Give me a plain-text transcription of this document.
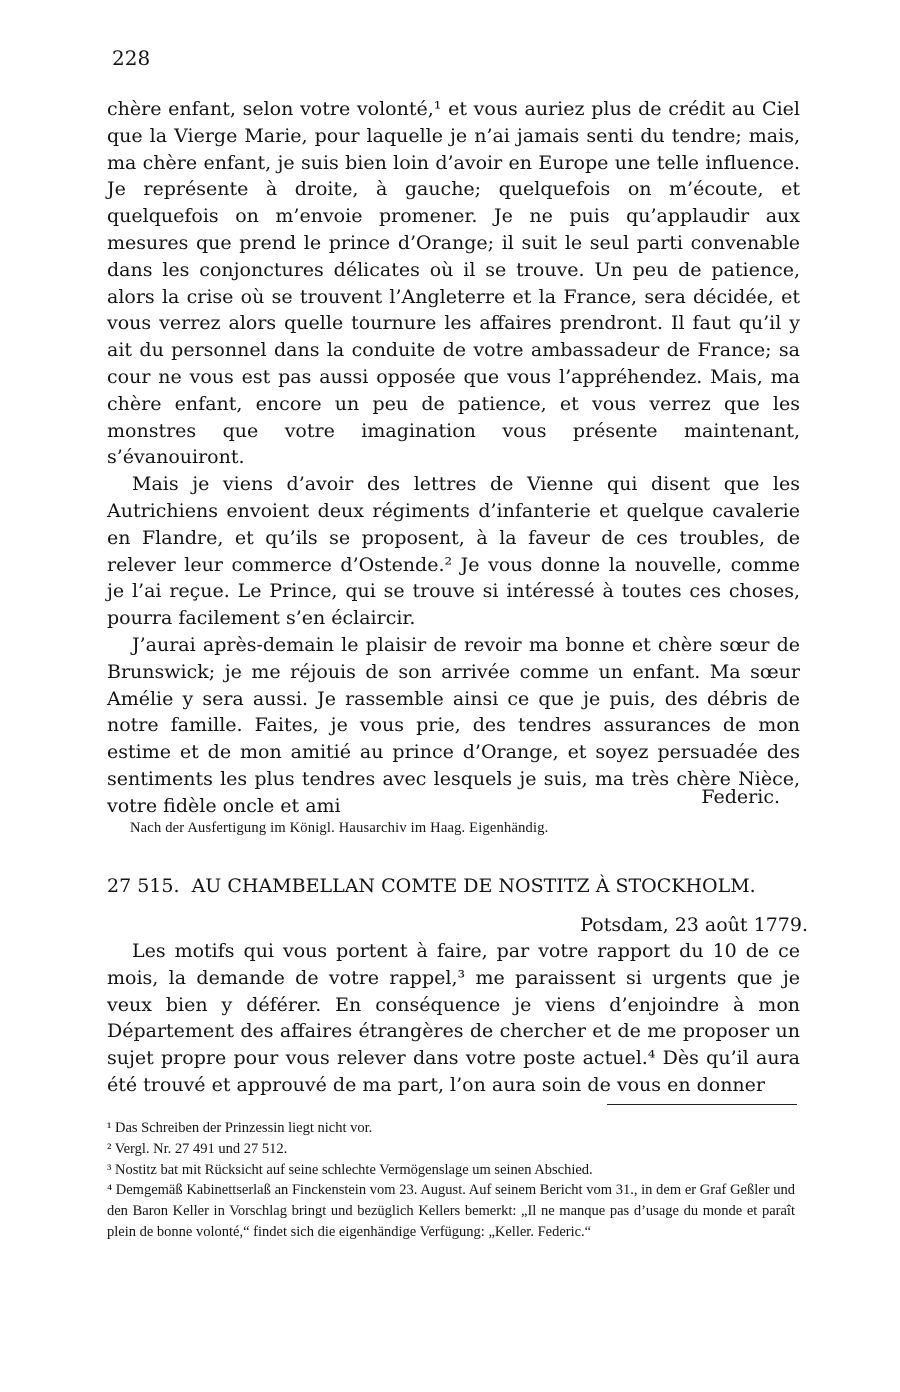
228

chère enfant, selon votre volonté,¹ et vous auriez plus de crédit au Ciel que la Vierge Marie, pour laquelle je n’ai jamais senti du tendre; mais, ma chère enfant, je suis bien loin d’avoir en Europe une telle influence. Je représente à droite, à gauche; quelquefois on m’écoute, et quelquefois on m’envoie promener. Je ne puis qu’applaudir aux mesures que prend le prince d’Orange; il suit le seul parti convenable dans les conjonctures délicates où il se trouve. Un peu de patience, alors la crise où se trouvent l’Angleterre et la France, sera décidée, et vous verrez alors quelle tournure les affaires prendront. Il faut qu’il y ait du personnel dans la conduite de votre ambassadeur de France; sa cour ne vous est pas aussi opposée que vous l’appréhendez. Mais, ma chère enfant, encore un peu de patience, et vous verrez que les monstres que votre imagination vous présente maintenant, s’évanouiront.

Mais je viens d’avoir des lettres de Vienne qui disent que les Autrichiens envoient deux régiments d’infanterie et quelque cavalerie en Flandre, et qu’ils se proposent, à la faveur de ces troubles, de relever leur commerce d’Ostende.² Je vous donne la nouvelle, comme je l’ai reçue. Le Prince, qui se trouve si intéressé à toutes ces choses, pourra facilement s’en éclaircir.

J’aurai après-demain le plaisir de revoir ma bonne et chère sœur de Brunswick; je me réjouis de son arrivée comme un enfant. Ma sœur Amélie y sera aussi. Je rassemble ainsi ce que je puis, des débris de notre famille. Faites, je vous prie, des tendres assurances de mon estime et de mon amitié au prince d’Orange, et soyez persuadée des sentiments les plus tendres avec lesquels je suis, ma très chère Nièce, votre fidèle oncle et ami	Federic.
Nach der Ausfertigung im Königl. Hausarchiv im Haag. Eigenhändig.
27 515. AU CHAMBELLAN COMTE DE NOSTITZ À STOCKHOLM.
Potsdam, 23 août 1779.

Les motifs qui vous portent à faire, par votre rapport du 10 de ce mois, la demande de votre rappel,³ me paraissent si urgents que je veux bien y déférer. En conséquence je viens d’enjoindre à mon Département des affaires étrangères de chercher et de me proposer un sujet propre pour vous relever dans votre poste actuel.⁴ Dès qu’il aura été trouvé et approuvé de ma part, l’on aura soin de vous en donner

¹ Das Schreiben der Prinzessin liegt nicht vor.

² Vergl. Nr. 27 491 und 27 512.

³ Nostitz bat mit Rücksicht auf seine schlechte Vermögenslage um seinen Abschied.

⁴ Demgemäß Kabinettserlaß an Finckenstein vom 23. August. Auf seinem Bericht vom 31., in dem er Graf Geßler und den Baron Keller in Vorschlag bringt und bezüglich Kellers bemerkt: „Il ne manque pas d’usage du monde et paraît plein de bonne volonté,“ findet sich die eigenhändige Verfügung: „Keller. Federic.“
